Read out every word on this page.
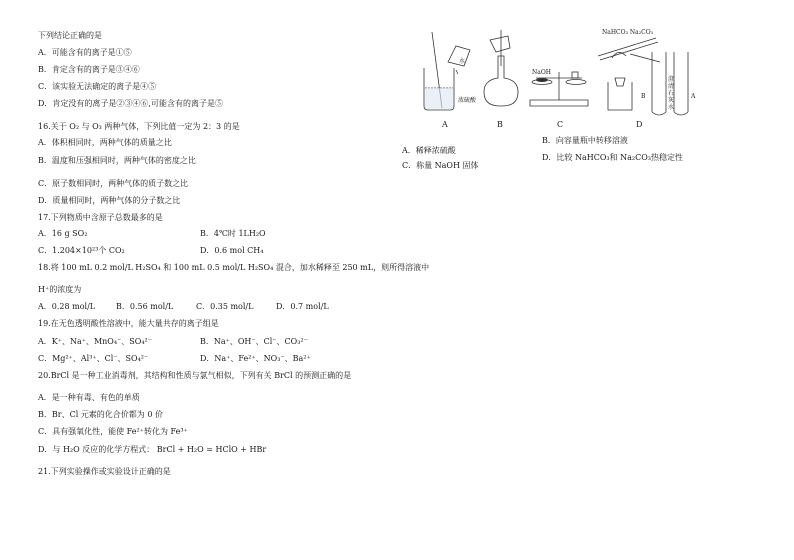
下列结论正确的是
A．可能含有的离子是①⑤
B．肯定含有的离子是③④⑥
C．该实验无法确定的离子是④⑤
D．肯定没有的离子是②③④⑥,可能含有的离子是⑤
16.关于 O₂ 与 O₃ 两种气体，下列比值一定为 2：3 的是
A．体积相同时，两种气体的质量之比
B．温度和压强相同时，两种气体的密度之比
C．原子数相同时，两种气体的质子数之比
D．质量相同时，两种气体的分子数之比
17.下列物质中含原子总数最多的是
A．16 g SO₂	B．4℃时 1LH₂O
C．1.204×10²³个 CO₂	D．0.6 mol CH₄
18.将 100 mL 0.2 mol/L H₂SO₄ 和 100 mL 0.5 mol/L H₂SO₄ 混合，加水稀释至 250 mL，则所得溶液中
H⁺的浓度为
A．0.28 mol/L	B．0.56 mol/L	C．0.35 mol/L	D．0.7 mol/L
19.在无色透明酸性溶液中，能大量共存的离子组是
A．K⁺、Na⁺、MnO₄⁻、SO₄²⁻	B．Na⁺、OH⁻、Cl⁻、CO₃²⁻
C．Mg²⁺、Al³⁺、Cl⁻、SO₄²⁻	D．Na⁺、Fe²⁺、NO₃⁻、Ba²⁺
20.BrCl 是一种工业消毒剂，其结构和性质与氯气相似，下列有关 BrCl 的预测正确的是
A．是一种有毒、有色的单质
B．Br、Cl 元素的化合价都为 0 价
C．具有强氧化性，能使 Fe²⁺转化为 Fe³⁺
D．与 H₂O 反应的化学方程式： BrCl + H₂O = HClO + HBr
21.下列实验操作或实验设计正确的是
水
浓硫酸
NaOH
NaHCO₃ Na₂CO₃
澄清石灰水
B	A
A	B	C	D
A．稀释浓硫酸
B．向容量瓶中转移溶液
C．称量 NaOH 固体
D．比较 NaHCO₃和 Na₂CO₃热稳定性
